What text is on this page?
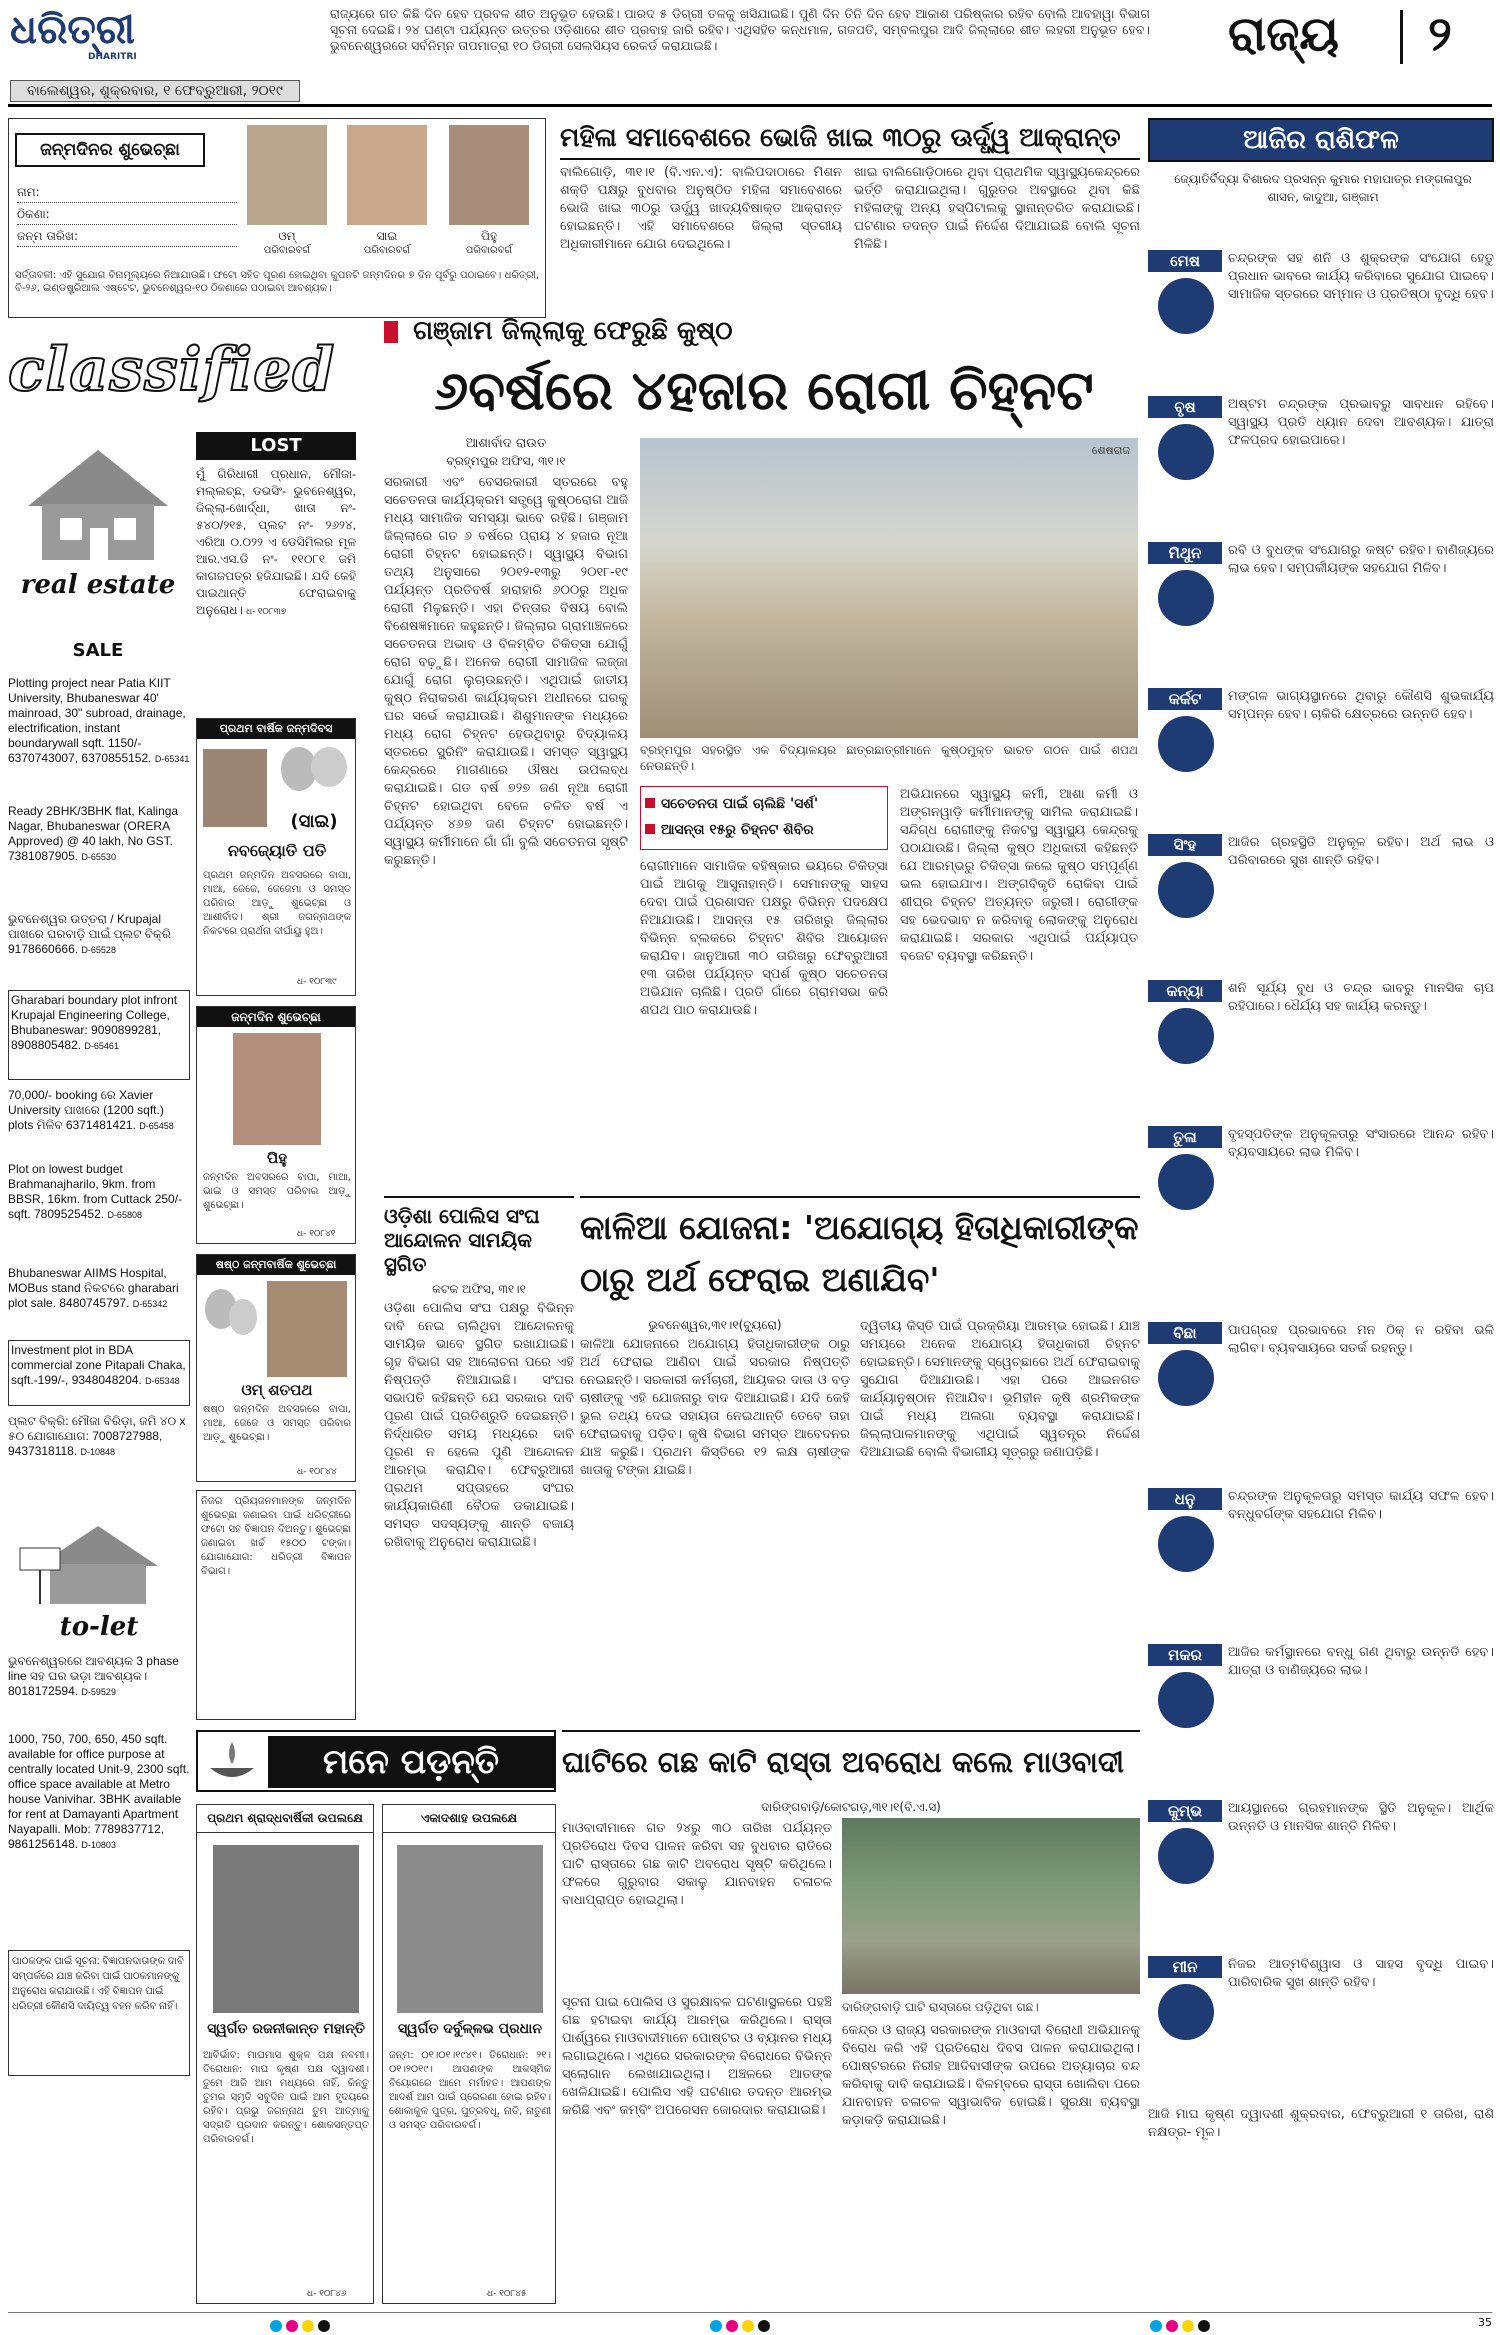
ଧରିତ୍ରୀ
DHARITRI
ବାଲେଶ୍ୱର, ଶୁକ୍ରବାର, ୧ ଫେବ୍ରୁଆରୀ, ୨୦୧୯
ରାଜ୍ୟରେ ଗତ କିଛି ଦିନ ହେବ ପ୍ରବଳ ଶୀତ ଅନୁଭୂତ ହେଉଛି। ପାରଦ ୫ ଡିଗ୍ରୀ ତଳକୁ ଖସିଯାଇଛି। ପୁଣି ଦିନ ତିନି ଦିନ ହେବ ଆକାଶ ପରିଷ୍କାର ରହିବ ବୋଲି ଆବହାୱା ବିଭାଗ ସୂଚନା ଦେଇଛି। ୨୪ ଘଣ୍ଟା ପର୍ଯ୍ୟନ୍ତ ଉତ୍ତର ଓଡ଼ିଶାରେ ଶୀତ ପ୍ରବାହ ଜାରି ରହିବ। ଏଥିସହିତ କନ୍ଧମାଳ, ଗଜପତି, ସମ୍ବଲପୁର ଆଦି ଜିଲ୍ଲାରେ ଶୀତ ଲହରୀ ଅନୁଭୂତ ହେବ। ଭୁବନେଶ୍ୱରରେ ସର୍ବନିମ୍ନ ତାପମାତ୍ରା ୧୦ ଡିଗ୍ରୀ ସେଲସିୟସ ରେକର୍ଡ କରାଯାଇଛି।	ରାଜ୍ୟ ୨
ଜନ୍ମଦିନର ଶୁଭେଚ୍ଛା
ନାମ:
ଠିକଣା:
ଜନ୍ମ ତାରିଖ:	ଓମ୍
ପରିବାରବର୍ଗ
ସାଇ
ପରିବାରବର୍ଗ
ପିହୁ
ପରିବାରବର୍ଗ
ସର୍ତ୍ତାବଳୀ: ଏହି ସୁଯୋଗ ବିନାମୂଲ୍ୟରେ ନିଆଯାଉଛି। ଫଟୋ ସହିତ ପୂରଣ ହୋଇଥିବା କୁପନଟି ଜନ୍ମଦିନର ୭ ଦିନ ପୂର୍ବରୁ ପଠାଇବେ। ଧରିତ୍ରୀ, ବି-୨୬, ଇଣ୍ଡଷ୍ଟ୍ରିଆଲ ଏଷ୍ଟେଟ, ଭୁବନେଶ୍ୱର-୧୦ ଠିକଣାରେ ପଠାଇବା ଆବଶ୍ୟକ।
classified
real estate
SALE
Plotting project near Patia KIIT University, Bhubaneswar 40' mainroad, 30" subroad, drainage, electrification, instant boundarywall sqft. 1150/- 6370743007, 6370855152. D-65341
Ready 2BHK/3BHK flat, Kalinga Nagar, Bhubaneswar (ORERA Approved) @ 40 lakh, No GST. 7381087905. D-65530
ଭୁବନେଶ୍ୱର ଉତ୍ତରା / Krupajal ପାଖରେ ଘରବାଡ଼ି ପାଇଁ ପ୍ଲଟ ବିକ୍ରି 9178660666. D-65528
Gharabari boundary plot infront Krupajal Engineering College, Bhubaneswar: 9090899281, 8908805482. D-65461
70,000/- booking ରେ Xavier University ପାଖରେ (1200 sqft.) plots ମିଳିବ 6371481421. D-65458
Plot on lowest budget Brahmanajharilo, 9km. from BBSR, 16km. from Cuttack 250/- sqft. 7809525452. D-65808
Bhubaneswar AIIMS Hospital, MOBus stand ନିକଟରେ gharabari plot sale. 8480745797. D-65342
Investment plot in BDA commercial zone Pitapali Chaka, sqft.-199/-, 9348048204. D-65348
ପ୍ଲଟ ବିକ୍ରି: ମୌଜା ବିରିଡ଼ା, ଜମି ୪୦ x ୫୦ ଯୋଗାଯୋଗ: 7008727988, 9437318118. D-10848
to-let
ଭୁବନେଶ୍ୱରରେ ଆବଶ୍ୟକ 3 phase line ସହ ଘର ଭଡ଼ା ଆବଶ୍ୟକ। 8018172594. D-59529
1000, 750, 700, 650, 450 sqft. available for office purpose at centrally located Unit-9, 2300 sqft. office space available at Metro house Vanivihar. 3BHK available for rent at Damayanti Apartment Nayapalli. Mob: 7789837712, 9861256148. D-10803
ପାଠକଙ୍କ ପାଇଁ ସୂଚନା: ବିଜ୍ଞାପନଦାତାଙ୍କ ଦାବି ସମ୍ପର୍କରେ ଯାଞ୍ଚ କରିବା ପାଇଁ ପାଠକମାନଙ୍କୁ ଅନୁରୋଧ କରାଯାଉଛି। ଏହି ବିଜ୍ଞାପନ ପାଇଁ ଧରିତ୍ରୀ କୌଣସି ଦାୟିତ୍ୱ ବହନ କରିବ ନାହିଁ।
LOST
ମୁଁ ଗିରିଧାରୀ ପ୍ରଧାନ, ମୌଜା- ମଲ୍ଲଚ୍ଛ, ଡଭସିଂ- ଭୁବନେଶ୍ୱର, ଜିଲ୍ଲା-ଖୋର୍ଦ୍ଧା, ଖାତା ନଂ- ୫୪୦/୨୧୫, ପ୍ଲଟ ନଂ- ୨୬୨୪, ଏରିଆ ୦.୦୨୨ ଏ ଡେସିମିଲର ମୂଳ ଆର.ଏସ.ଡି ନଂ- ୧୧୦୮୧ ଜମି କାଗଜପତ୍ର ହଜିଯାଇଛି। ଯଦି କେହି ପାଇଥାନ୍ତି ଫେରାଇବାକୁ ଅନୁରୋଧ। ଧ- ୧୦୮୩୭
ପ୍ରଥମ ବାର୍ଷିକ ଜନ୍ମଦିବସ
(ସାଇ)
ନବଜ୍ୟୋତି ପତି
ପ୍ରଥମ ଜନ୍ମଦିନ ଅବସରରେ ବାପା, ମାଆ, ଜେଜେ, ଜେଜେମା ଓ ସମସ୍ତ ପରିବାର ଆଡ଼ୁ ଶୁଭେଚ୍ଛା ଓ ଆଶୀର୍ବାଦ। ଶ୍ରୀ ଜଗନ୍ନାଥଙ୍କ ନିକଟରେ ପ୍ରାର୍ଥନା ଦୀର୍ଘାୟୁ ହୁଅ।
ଧ- ୧୦୮୩୯
ଜନ୍ମଦିନ ଶୁଭେଚ୍ଛା
ପିହୁ
ଜନ୍ମଦିନ ଅବସରରେ ବାପା, ମାଆ, ଭାଇ ଓ ସମସ୍ତ ପରିବାର ଆଡ଼ୁ ଶୁଭେଚ୍ଛା।
ଧ- ୧୦୮୪୧
ଷଷ୍ଠ ଜନ୍ମବାର୍ଷିକ ଶୁଭେଚ୍ଛା
ଓମ୍ ଶତପଥ
ଷଷ୍ଠ ଜନ୍ମଦିନ ଅବସରରେ ବାପା, ମାଆ, ଜେଜେ ଓ ସମସ୍ତ ପରିବାର ଆଡ଼ୁ ଶୁଭେଚ୍ଛା।
ଧ- ୧୦୮୪୪
ନିଜର ପ୍ରିୟଜନମାନଙ୍କ ଜନ୍ମଦିନ ଶୁଭେଚ୍ଛା ଜଣାଇବା ପାଇଁ ଧରିତ୍ରୀରେ ଫଟୋ ସହ ବିଜ୍ଞାପନ ଦିଅନ୍ତୁ। ଶୁଭେଚ୍ଛା ଜଣାଇବା ଖର୍ଚ୍ଚ ୧୫୦୦ ଟଙ୍କା। ଯୋଗାଯୋଗ: ଧରିତ୍ରୀ ବିଜ୍ଞାପନ ବିଭାଗ।
ମନେ ପଡ଼ନ୍ତି
ପ୍ରଥମ ଶ୍ରାଦ୍ଧବାର୍ଷିକୀ ଉପଲକ୍ଷେ
ସ୍ୱର୍ଗତ ରଜନୀକାନ୍ତ ମହାନ୍ତି
ଆବିର୍ଭାବ: ମାଘମାସ ଶୁକ୍ଳ ପକ୍ଷ ନବମୀ। ତିରୋଧାନ: ମାଘ କୃଷ୍ଣ ପକ୍ଷ ଦ୍ୱାଦଶୀ। ତୁମେ ଆଜି ଆମ ମଧ୍ୟରେ ନାହିଁ, କିନ୍ତୁ ତୁମର ସ୍ମୃତି ସବୁଦିନ ପାଇଁ ଆମ ହୃଦୟରେ ରହିବ। ପ୍ରଭୁ ଜଗନ୍ନାଥ ତୁମ ଆତ୍ମାକୁ ସଦ୍ଗତି ପ୍ରଦାନ କରନ୍ତୁ। ଶୋକସନ୍ତପ୍ତ ପରିବାରବର୍ଗ।
ଧ- ୧୦୮୪୬
ଏକାଦଶାହ ଉପଲକ୍ଷେ
ସ୍ୱର୍ଗତ ଦର୍ବୁଳ୍ଳଭ ପ୍ରଧାନ
ଜନ୍ମ: ୦୧।୦୧।୧୯୪୧। ତିରୋଧାନ: ୨୧।୦୧।୨୦୧୯। ଆପଣଙ୍କ ଆକସ୍ମିକ ବିୟୋଗରେ ଆମେ ମର୍ମାହତ। ଆପଣଙ୍କ ଆଦର୍ଶ ଆମ ପାଇଁ ପ୍ରେରଣା ହୋଇ ରହିବ। ଶୋକାକୁଳ ପୁତ୍ର, ପୁତ୍ରବଧୂ, ନାତି, ନାତୁଣୀ ଓ ସମସ୍ତ ପରିବାରବର୍ଗ।
ଧ- ୧୦୮୪୫
ମହିଳା ସମାବେଶରେ ଭୋଜି ଖାଇ ୩୦ରୁ ଊର୍ଦ୍ଧ୍ୱ ଆକ୍ରାନ୍ତ
ବାଲିଗୋଡ଼ି, ୩୧।୧ (ବି.ଏନ.ଏ): ବାଲିପଦାଠାରେ ମିଶନ ଶକ୍ତି ପକ୍ଷରୁ ବୁଧବାର ଅନୁଷ୍ଠିତ ମହିଳା ସମାବେଶରେ ଭୋଜି ଖାଇ ୩୦ରୁ ଊର୍ଦ୍ଧ୍ୱ ଖାଦ୍ୟବିଷାକ୍ତ ଆକ୍ରାନ୍ତ ହୋଇଛନ୍ତି। ଏହି ସମାବେଶରେ ଜିଲ୍ଲା ସ୍ତରୀୟ ଅଧିକାରୀମାନେ ଯୋଗ ଦେଇଥିଲେ।
ଖାଇ ବାଲିଗୋଡ଼ିଠାରେ ଥିବା ପ୍ରାଥମିକ ସ୍ୱାସ୍ଥ୍ୟକେନ୍ଦ୍ରରେ ଭର୍ତ୍ତି କରାଯାଇଥିଲା। ଗୁରୁତର ଅବସ୍ଥାରେ ଥିବା କିଛି ମହିଳାଙ୍କୁ ଅନ୍ୟ ହସ୍ପିଟାଲକୁ ସ୍ଥାନାନ୍ତରିତ କରାଯାଇଛି। ଘଟଣାର ତଦନ୍ତ ପାଇଁ ନିର୍ଦ୍ଦେଶ ଦିଆଯାଇଛି ବୋଲି ସୂଚନା ମିଳିଛି।
ଗଞ୍ଜାମ ଜିଲ୍ଲାକୁ ଫେରୁଛି କୁଷ୍ଠ
୬ବର୍ଷରେ ୪ହଜାର ରୋଗୀ ଚିହ୍ନଟ
ଆଶାର୍ବାଦ ରାଉତ
ବ୍ରହ୍ମପୁର ଅଫିସ, ୩୧।୧
ସରକାରୀ ଏବଂ ବେସରକାରୀ ସ୍ତରରେ ବହୁ ସଚେତନତା କାର୍ଯ୍ୟକ୍ରମ ସତ୍ତ୍ୱେ କୁଷ୍ଠରୋଗ ଆଜି ମଧ୍ୟ ସାମାଜିକ ସମସ୍ୟା ଭାବେ ରହିଛି। ଗଞ୍ଜାମ ଜିଲ୍ଲାରେ ଗତ ୬ ବର୍ଷରେ ପ୍ରାୟ ୪ ହଜାର ନୂଆ ରୋଗୀ ଚିହ୍ନଟ ହୋଇଛନ୍ତି। ସ୍ୱାସ୍ଥ୍ୟ ବିଭାଗ ତଥ୍ୟ ଅନୁସାରେ ୨୦୧୨-୧୩ରୁ ୨୦୧୮-୧୯ ପର୍ଯ୍ୟନ୍ତ ପ୍ରତିବର୍ଷ ହାରାହାରି ୬୦୦ରୁ ଅଧିକ ରୋଗୀ ମିଳୁଛନ୍ତି। ଏହା ଚିନ୍ତାର ବିଷୟ ବୋଲି ବିଶେଷଜ୍ଞମାନେ କହୁଛନ୍ତି। ଜିଲ୍ଲାର ଗ୍ରାମାଞ୍ଚଳରେ ସଚେତନତା ଅଭାବ ଓ ବିଳମ୍ବିତ ଚିକିତ୍ସା ଯୋଗୁଁ ରୋଗ ବଢ଼ୁଛି। ଅନେକ ରୋଗୀ ସାମାଜିକ ଲଜ୍ଜା ଯୋଗୁଁ ରୋଗ ଲୁଚାଉଛନ୍ତି। ଏଥିପାଇଁ ଜାତୀୟ କୁଷ୍ଠ ନିରାକରଣ କାର୍ଯ୍ୟକ୍ରମ ଅଧୀନରେ ଘରକୁ ଘର ସର୍ଭେ କରାଯାଉଛି। ଶିଶୁମାନଙ୍କ ମଧ୍ୟରେ ମଧ୍ୟ ରୋଗ ଚିହ୍ନଟ ହେଉଥିବାରୁ ବିଦ୍ୟାଳୟ ସ୍ତରରେ ସ୍କ୍ରିନିଂ କରାଯାଉଛି। ସମସ୍ତ ସ୍ୱାସ୍ଥ୍ୟ କେନ୍ଦ୍ରରେ ମାଗଣାରେ ଔଷଧ ଉପଲବ୍ଧ କରାଯାଇଛି। ଗତ ବର୍ଷ ୭୨୭ ଜଣ ନୂଆ ରୋଗୀ ଚିହ୍ନଟ ହୋଇଥିବା ବେଳେ ଚଳିତ ବର୍ଷ ଏ ପର୍ଯ୍ୟନ୍ତ ୪୬୭ ଜଣ ଚିହ୍ନଟ ହୋଇଛନ୍ତି। ସ୍ୱାସ୍ଥ୍ୟ କର୍ମୀମାନେ ଗାଁ ଗାଁ ବୁଲି ସଚେତନତା ସୃଷ୍ଟି କରୁଛନ୍ତି।
ଶେଷରାଜ
ବ୍ରହ୍ମପୁର ସହରସ୍ଥିତ ଏକ ବିଦ୍ୟାଳୟର ଛାତ୍ରଛାତ୍ରୀମାନେ କୁଷ୍ଠମୁକ୍ତ ଭାରତ ଗଠନ ପାଇଁ ଶପଥ ନେଉଛନ୍ତି।
ସଚେତନତା ପାଇଁ ଚାଲିଛି 'ସର୍ଶ'
ଆସନ୍ତା ୧୫ରୁ ଚିହ୍ନଟ ଶିବିର
ରୋଗୀମାନେ ସାମାଜିକ ବହିଷ୍କାର ଭୟରେ ଚିକିତ୍ସା ପାଇଁ ଆଗକୁ ଆସୁନାହାନ୍ତି। ସେମାନଙ୍କୁ ସାହସ ଦେବା ପାଇଁ ପ୍ରଶାସନ ପକ୍ଷରୁ ବିଭିନ୍ନ ପଦକ୍ଷେପ ନିଆଯାଉଛି। ଆସନ୍ତା ୧୫ ତାରିଖରୁ ଜିଲ୍ଲାର ବିଭିନ୍ନ ବ୍ଲକରେ ଚିହ୍ନଟ ଶିବିର ଆୟୋଜନ କରାଯିବ। ଜାନୁଆରୀ ୩୦ ତାରିଖରୁ ଫେବ୍ରୁଆରୀ ୧୩ ତାରିଖ ପର୍ଯ୍ୟନ୍ତ ସ୍ପର୍ଶ କୁଷ୍ଠ ସଚେତନତା ଅଭିଯାନ ଚାଲିଛି। ପ୍ରତି ଗାଁରେ ଗ୍ରାମସଭା କରି ଶପଥ ପାଠ କରାଯାଉଛି।
ଅଭିଯାନରେ ସ୍ୱାସ୍ଥ୍ୟ କର୍ମୀ, ଆଶା କର୍ମୀ ଓ ଅଙ୍ଗନୱାଡ଼ି କର୍ମୀମାନଙ୍କୁ ସାମିଲ କରାଯାଇଛି। ସନ୍ଦିଗ୍ଧ ରୋଗୀଙ୍କୁ ନିକଟସ୍ଥ ସ୍ୱାସ୍ଥ୍ୟ କେନ୍ଦ୍ରକୁ ପଠାଯାଉଛି। ଜିଲ୍ଲା କୁଷ୍ଠ ଅଧିକାରୀ କହିଛନ୍ତି ଯେ ଆରମ୍ଭରୁ ଚିକିତ୍ସା କଲେ କୁଷ୍ଠ ସମ୍ପୂର୍ଣ୍ଣ ଭଲ ହୋଇଯାଏ। ଅଙ୍ଗବିକୃତି ରୋକିବା ପାଇଁ ଶୀଘ୍ର ଚିହ୍ନଟ ଅତ୍ୟନ୍ତ ଜରୁରୀ। ରୋଗୀଙ୍କ ସହ ଭେଦଭାବ ନ କରିବାକୁ ଲୋକଙ୍କୁ ଅନୁରୋଧ କରାଯାଇଛି। ସରକାର ଏଥିପାଇଁ ପର୍ଯ୍ୟାପ୍ତ ବଜେଟ ବ୍ୟବସ୍ଥା କରିଛନ୍ତି।
ଓଡ଼ିଶା ପୋଲିସ ସଂଘ ଆନ୍ଦୋଳନ ସାମୟିକ ସ୍ଥଗିତ
କଟକ ଅଫିସ, ୩୧।୧
ଓଡ଼ିଶା ପୋଲିସ ସଂଘ ପକ୍ଷରୁ ବିଭିନ୍ନ ଦାବି ନେଇ ଚାଲିଥିବା ଆନ୍ଦୋଳନକୁ ସାମୟିକ ଭାବେ ସ୍ଥଗିତ ରଖାଯାଇଛି। ଗୃହ ବିଭାଗ ସହ ଆଲୋଚନା ପରେ ଏହି ନିଷ୍ପତ୍ତି ନିଆଯାଇଛି। ସଂଘର ସଭାପତି କହିଛନ୍ତି ଯେ ସରକାର ଦାବି ପୂରଣ ପାଇଁ ପ୍ରତିଶ୍ରୁତି ଦେଇଛନ୍ତି। ନିର୍ଦ୍ଧାରିତ ସମୟ ମଧ୍ୟରେ ଦାବି ପୂରଣ ନ ହେଲେ ପୁଣି ଆନ୍ଦୋଳନ ଆରମ୍ଭ କରାଯିବ। ଫେବ୍ରୁଆରୀ ପ୍ରଥମ ସପ୍ତାହରେ ସଂଘର କାର୍ଯ୍ୟକାରିଣୀ ବୈଠକ ଡକାଯାଇଛି। ସମସ୍ତ ସଦସ୍ୟଙ୍କୁ ଶାନ୍ତି ବଜାୟ ରଖିବାକୁ ଅନୁରୋଧ କରାଯାଇଛି।
କାଳିଆ ଯୋଜନା: 'ଅଯୋଗ୍ୟ ହିତାଧିକାରୀଙ୍କ ଠାରୁ ଅର୍ଥ ଫେରାଇ ଅଣାଯିବ'
ଭୁବନେଶ୍ୱର,୩୧।୧(ବ୍ୟୁରୋ)
କାଳିଆ ଯୋଜନାରେ ଅଯୋଗ୍ୟ ହିତାଧିକାରୀଙ୍କ ଠାରୁ ଅର୍ଥ ଫେରାଇ ଆଣିବା ପାଇଁ ସରକାର ନିଷ୍ପତ୍ତି ନେଇଛନ୍ତି। ସରକାରୀ କର୍ମଚାରୀ, ଆୟକର ଦାତା ଓ ବଡ଼ ଚାଷୀଙ୍କୁ ଏହି ଯୋଜନାରୁ ବାଦ ଦିଆଯାଇଛି। ଯଦି କେହି ଭୁଲ ତଥ୍ୟ ଦେଇ ସହାୟତା ନେଇଥାନ୍ତି ତେବେ ତାହା ଫେରାଇବାକୁ ପଡ଼ିବ। କୃଷି ବିଭାଗ ସମସ୍ତ ଆବେଦନର ଯାଞ୍ଚ କରୁଛି। ପ୍ରଥମ କିସ୍ତିରେ ୧୨ ଲକ୍ଷ ଚାଷୀଙ୍କ ଖାତାକୁ ଟଙ୍କା ଯାଇଛି।
ଦ୍ୱିତୀୟ କିସ୍ତି ପାଇଁ ପ୍ରକ୍ରିୟା ଆରମ୍ଭ ହୋଇଛି। ଯାଞ୍ଚ ସମୟରେ ଅନେକ ଅଯୋଗ୍ୟ ହିତାଧିକାରୀ ଚିହ୍ନଟ ହୋଇଛନ୍ତି। ସେମାନଙ୍କୁ ସ୍ୱେଚ୍ଛାରେ ଅର୍ଥ ଫେରାଇବାକୁ ସୁଯୋଗ ଦିଆଯାଉଛି। ଏହା ପରେ ଆଇନଗତ କାର୍ଯ୍ୟାନୁଷ୍ଠାନ ନିଆଯିବ। ଭୂମିହୀନ କୃଷି ଶ୍ରମିକଙ୍କ ପାଇଁ ମଧ୍ୟ ଅଲଗା ବ୍ୟବସ୍ଥା କରାଯାଇଛି। ଜିଲ୍ଲାପାଳମାନଙ୍କୁ ଏଥିପାଇଁ ସ୍ୱତନ୍ତ୍ର ନିର୍ଦ୍ଦେଶ ଦିଆଯାଇଛି ବୋଲି ବିଭାଗୀୟ ସୂତ୍ରରୁ ଜଣାପଡ଼ିଛି।
ଘାଟିରେ ଗଛ କାଟି ରାସ୍ତା ଅବରୋଧ କଲେ ମାଓବାଦୀ
ଦାରିଙ୍ଗବାଡ଼ି/କୋଟଗଡ଼,୩୧।୧(ବି.ଏ.ସ)
ମାଓବାଦୀମାନେ ଗତ ୨୪ରୁ ୩୦ ତାରିଖ ପର୍ଯ୍ୟନ୍ତ ପ୍ରତିରୋଧ ଦିବସ ପାଳନ କରିବା ସହ ବୁଧବାର ରାତିରେ ଘାଟି ରାସ୍ତାରେ ଗଛ କାଟି ଅବରୋଧ ସୃଷ୍ଟି କରିଥିଲେ। ଫଳରେ ଗୁରୁବାର ସକାଳୁ ଯାନବାହନ ଚଳାଚଳ ବାଧାପ୍ରାପ୍ତ ହୋଇଥିଲା।
ଦାରିଙ୍ଗବାଡ଼ି ଘାଟି ରାସ୍ତାରେ ପଡ଼ିଥିବା ଗଛ।
ସୂଚନା ପାଇ ପୋଲିସ ଓ ସୁରକ୍ଷାବଳ ଘଟଣାସ୍ଥଳରେ ପହଞ୍ଚି ଗଛ ହଟାଇବା କାର୍ଯ୍ୟ ଆରମ୍ଭ କରିଥିଲେ। ରାସ୍ତା ପାର୍ଶ୍ୱରେ ମାଓବାଦୀମାନେ ପୋଷ୍ଟର ଓ ବ୍ୟାନର ମଧ୍ୟ ଲଗାଇଥିଲେ। ଏଥିରେ ସରକାରଙ୍କ ବିରୋଧରେ ବିଭିନ୍ନ ସ୍ଲୋଗାନ ଲେଖାଯାଇଥିଲା। ଅଞ୍ଚଳରେ ଆତଙ୍କ ଖେଳିଯାଇଛି। ପୋଲିସ ଏହି ଘଟଣାର ତଦନ୍ତ ଆରମ୍ଭ କରିଛି ଏବଂ କମ୍ବିଂ ଅପରେସନ ଜୋରଦାର କରାଯାଇଛି।
କେନ୍ଦ୍ର ଓ ରାଜ୍ୟ ସରକାରଙ୍କ ମାଓବାଦୀ ବିରୋଧୀ ଅଭିଯାନକୁ ବିରୋଧ କରି ଏହି ପ୍ରତିରୋଧ ଦିବସ ପାଳନ କରାଯାଇଥିଲା। ପୋଷ୍ଟରରେ ନିରୀହ ଆଦିବାସୀଙ୍କ ଉପରେ ଅତ୍ୟାଚାର ବନ୍ଦ କରିବାକୁ ଦାବି କରାଯାଇଛି। ବିଳମ୍ବରେ ରାସ୍ତା ଖୋଲିବା ପରେ ଯାନବାହନ ଚଳାଚଳ ସ୍ୱାଭାବିକ ହୋଇଛି। ସୁରକ୍ଷା ବ୍ୟବସ୍ଥା କଡ଼ାକଡ଼ି କରାଯାଇଛି।
ଆଜିର ରାଶିଫଳ
ଜ୍ୟୋତିର୍ବିଦ୍ୟା ବିଶାରଦ ପ୍ରସନ୍ନ କୁମାର ମହାପାତ୍ର ମଙ୍ଗଳାପୁର ଶାସନ, କାଦୁଆ, ଗଞ୍ଜାମ
ମେଷ	ଚନ୍ଦ୍ରଙ୍କ ସହ ଶନି ଓ ଶୁକ୍ରଙ୍କ ସଂଯୋଗ ହେତୁ ପ୍ରଧାନ ଭାବରେ କାର୍ଯ୍ୟ କରିବାରେ ସୁଯୋଗ ପାଇବେ। ସାମାଜିକ ସ୍ତରରେ ସମ୍ମାନ ଓ ପ୍ରତିଷ୍ଠା ବୃଦ୍ଧି ହେବ।
ବୃଷ	ଅଷ୍ଟମ ଚନ୍ଦ୍ରଙ୍କ ପ୍ରଭାବରୁ ସାବଧାନ ରହିବେ। ସ୍ୱାସ୍ଥ୍ୟ ପ୍ରତି ଧ୍ୟାନ ଦେବା ଆବଶ୍ୟକ। ଯାତ୍ରା ଫଳପ୍ରଦ ହୋଇପାରେ।
ମିଥୁନ	ରବି ଓ ବୁଧଙ୍କ ସଂଯୋଗରୁ କଷ୍ଟ ରହିବ। ବାଣିଜ୍ୟରେ ଲାଭ ହେବ। ସମ୍ପର୍କୀୟଙ୍କ ସହଯୋଗ ମିଳିବ।
କର୍କଟ	ମଙ୍ଗଳ ଭାଗ୍ୟସ୍ଥାନରେ ଥିବାରୁ କୌଣସି ଶୁଭକାର୍ଯ୍ୟ ସମ୍ପନ୍ନ ହେବ। ଚାକିରି କ୍ଷେତ୍ରରେ ଉନ୍ନତି ହେବ।
ସିଂହ	ଆଜିର ଗ୍ରହସ୍ଥିତି ଅନୁକୂଳ ରହିବ। ଅର୍ଥ ଲାଭ ଓ ପରିବାରରେ ସୁଖ ଶାନ୍ତି ରହିବ।
କନ୍ୟା	ଶନି ସୂର୍ଯ୍ୟ ବୁଧ ଓ ଚନ୍ଦ୍ର ଭାବରୁ ମାନସିକ ଚାପ ରହିପାରେ। ଧୈର୍ଯ୍ୟ ସହ କାର୍ଯ୍ୟ କରନ୍ତୁ।
ତୁଳା	ବୃହସ୍ପତିଙ୍କ ଅନୁକୂଳତାରୁ ସଂସାରରେ ଆନନ୍ଦ ରହିବ। ବ୍ୟବସାୟରେ ଲାଭ ମିଳିବ।
ବିଛା	ପାପଗ୍ରହ ପ୍ରଭାବରେ ମନ ଠିକ୍ ନ ରହିବା ଭଳି ଲାଗିବ। ବ୍ୟବସାୟରେ ସତର୍କ ରହନ୍ତୁ।
ଧନୁ	ଚନ୍ଦ୍ରଙ୍କ ଅନୁକୂଳତାରୁ ସମସ୍ତ କାର୍ଯ୍ୟ ସଫଳ ହେବ। ବନ୍ଧୁବର୍ଗଙ୍କ ସହଯୋଗ ମିଳିବ।
ମକର	ଆଜିର କର୍ମସ୍ଥାନରେ ବନ୍ଧୁ ଗଣ ଥିବାରୁ ଉନ୍ନତି ହେବ। ଯାତ୍ରା ଓ ବାଣିଜ୍ୟରେ ଲାଭ।
କୁମ୍ଭ	ଆୟସ୍ଥାନରେ ଗ୍ରହମାନଙ୍କ ସ୍ଥିତି ଅନୁକୂଳ। ଆର୍ଥିକ ଉନ୍ନତି ଓ ମାନସିକ ଶାନ୍ତି ମିଳିବ।
ମୀନ	ନିଜର ଆତ୍ମବିଶ୍ୱାସ ଓ ସାହସ ବୃଦ୍ଧି ପାଇବ। ପାରିବାରିକ ସୁଖ ଶାନ୍ତି ରହିବ।
ଆଜି ମାଘ କୃଷ୍ଣ ଦ୍ୱାଦଶୀ ଶୁକ୍ରବାର, ଫେବ୍ରୁଆରୀ ୧ ତାରିଖ, ରାଶି ନକ୍ଷତ୍ର- ମୂଳ।
35
